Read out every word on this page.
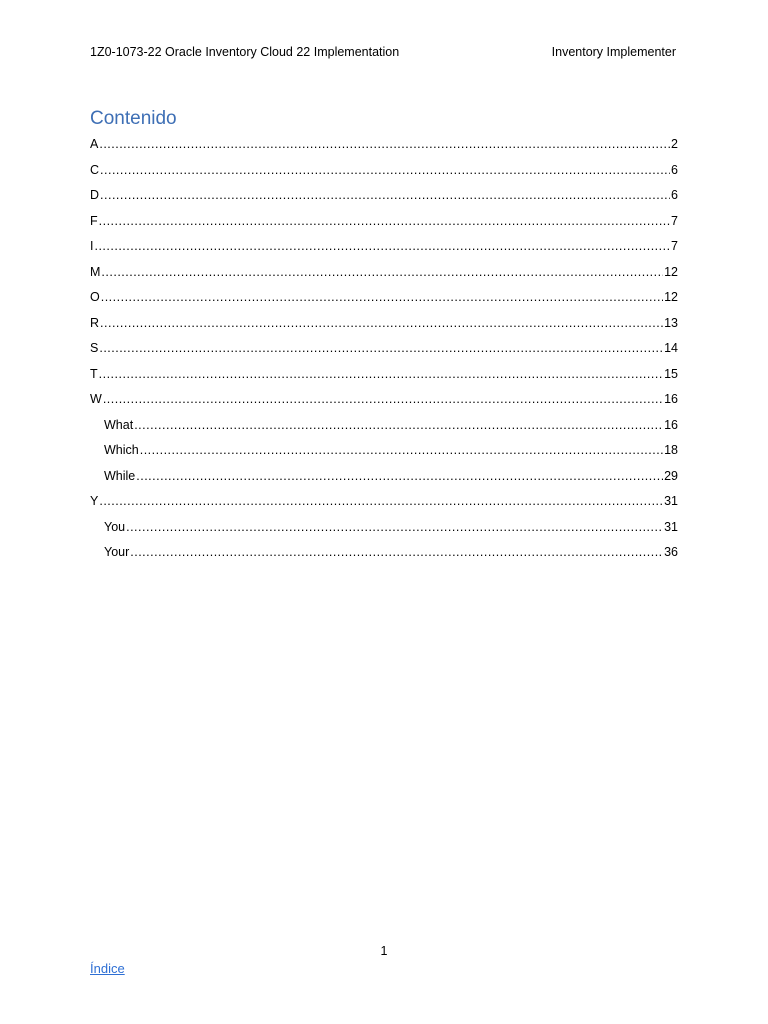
1Z0-1073-22 Oracle Inventory Cloud 22 Implementation	Inventory Implementer
Contenido
A .....	2
C .....	6
D .....	6
F .....	7
I .....	7
M .....	12
O .....	12
R .....	13
S .....	14
T .....	15
W .....	16
What .....	16
Which .....	18
While .....	29
Y .....	31
You .....	31
Your .....	36
1
Índice
